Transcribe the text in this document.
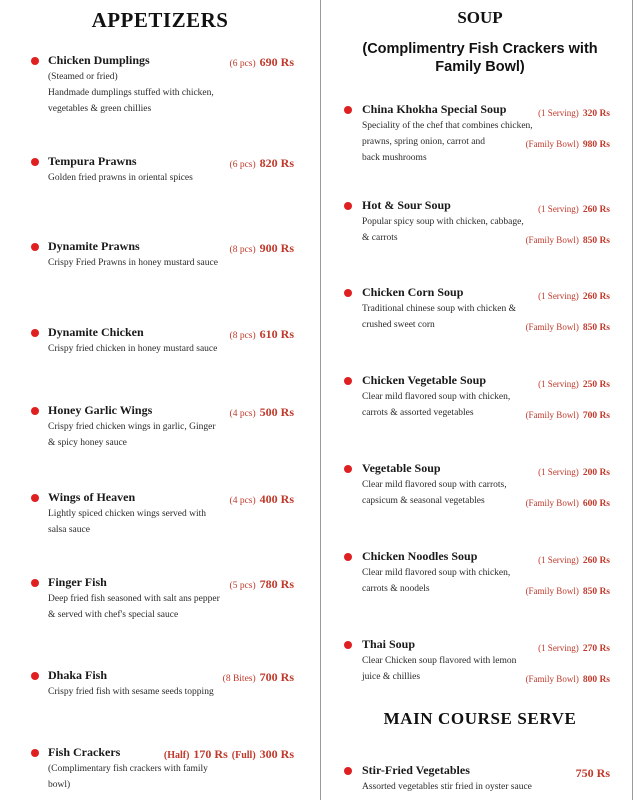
APPETIZERS
Chicken Dumplings	(6 pcs) 690 Rs
(Steamed or fried)
Handmade dumplings stuffed with chicken,
vegetables & green chillies
Tempura Prawns	(6 pcs) 820 Rs
Golden fried prawns in oriental spices
Dynamite Prawns	(8 pcs) 900 Rs
Crispy Fried Prawns in honey mustard sauce
Dynamite Chicken	(8 pcs) 610 Rs
Crispy fried chicken in honey mustard sauce
Honey Garlic Wings	(4 pcs) 500 Rs
Crispy fried chicken wings in garlic, Ginger
& spicy honey sauce
Wings of Heaven	(4 pcs) 400 Rs
Lightly spiced chicken wings served with
salsa sauce
Finger Fish	(5 pcs) 780 Rs
Deep fried fish seasoned with salt ans pepper
& served with chef's special sauce
Dhaka Fish	(8 Bites) 700 Rs
Crispy fried fish with sesame seeds topping
Fish Crackers	(Half) 170 Rs (Full) 300 Rs
(Complimentary fish crackers with family
bowl)
SOUP
(Complimentry Fish Crackers with
Family Bowl)
China Khokha Special Soup	(1 Serving) 320 Rs
Speciality of the chef that combines chicken,
prawns, spring onion, carrot and
back mushrooms
(Family Bowl) 980 Rs
Hot & Sour Soup	(1 Serving) 260 Rs
Popular spicy soup with chicken, cabbage,
& carrots	(Family Bowl) 850 Rs
Chicken Corn Soup	(1 Serving) 260 Rs
Traditional chinese soup with chicken &
crushed sweet corn	(Family Bowl) 850 Rs
Chicken Vegetable Soup	(1 Serving) 250 Rs
Clear mild flavored soup with chicken,
carrots & assorted vegetables	(Family Bowl) 700 Rs
Vegetable Soup	(1 Serving) 200 Rs
Clear mild flavored soup with carrots,
capsicum & seasonal vegetables	(Family Bowl) 600 Rs
Chicken Noodles Soup	(1 Serving) 260 Rs
Clear mild flavored soup with chicken,
carrots & noodels	(Family Bowl) 850 Rs
Thai Soup	(1 Serving) 270 Rs
Clear Chicken soup flavored with lemon
juice & chillies	(Family Bowl) 800 Rs
MAIN COURSE SERVE
Stir-Fried Vegetables	750 Rs
Assorted vegetables stir fried in oyster sauce
